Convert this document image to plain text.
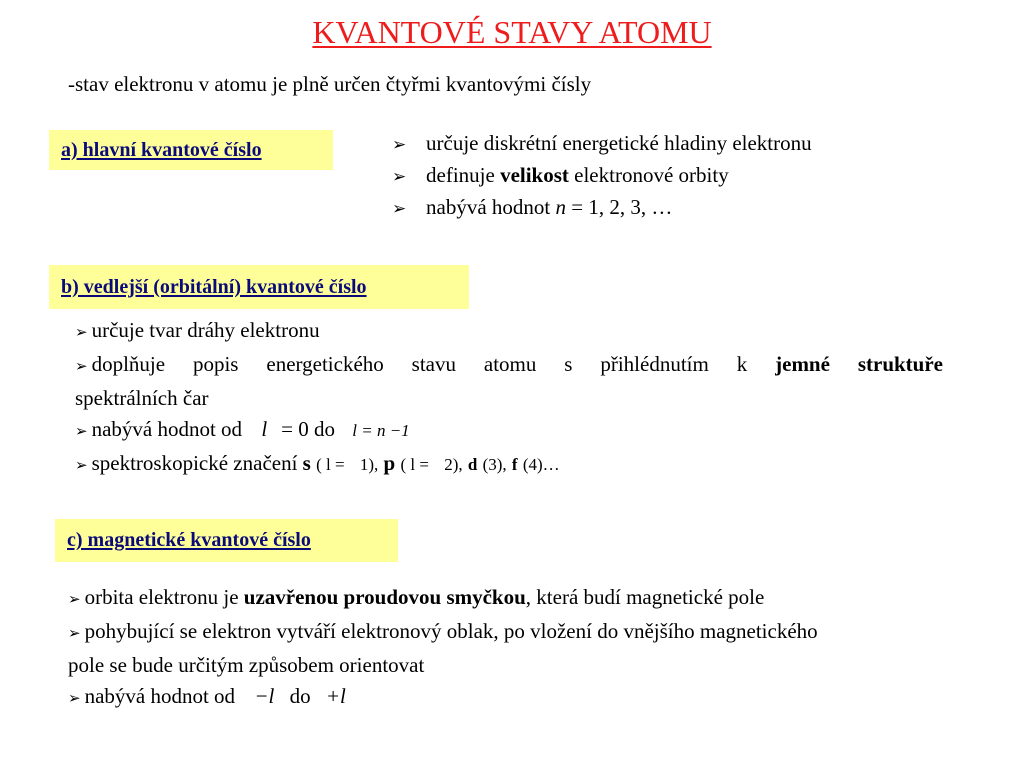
KVANTOVÉ STAVY ATOMU
-stav elektronu v atomu je plně určen čtyřmi kvantovými čísly
a) hlavní kvantové číslo	➢ určuje diskrétní energetické hladiny elektronu
➢ definuje velikost elektronové orbity
➢ nabývá hodnot n = 1, 2, 3, …
b) vedlejší (orbitální) kvantové číslo
➢ určuje tvar dráhy elektronu
➢ doplňuje popis energetického stavu atomu s přihlédnutím k jemné struktuře
spektrálních čar
➢ nabývá hodnot od l = 0 do l = n −1
➢ spektroskopické značení s ( l = 1), p ( l = 2), d (3), f (4)…
c) magnetické kvantové číslo
➢ orbita elektronu je uzavřenou proudovou smyčkou, která budí magnetické pole
➢ pohybující se elektron vytváří elektronový oblak, po vložení do vnějšího magnetického
pole se bude určitým způsobem orientovat
➢ nabývá hodnot od −l do +l
